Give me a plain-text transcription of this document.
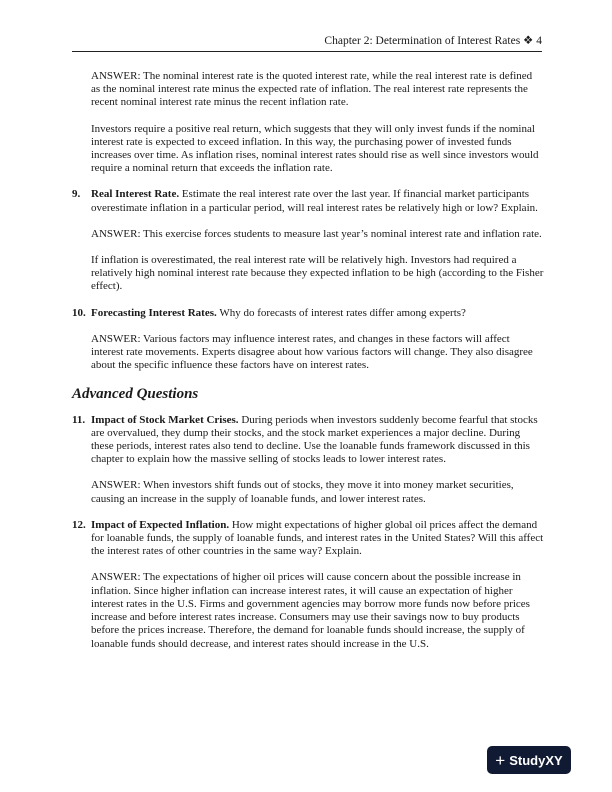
Chapter 2: Determination of Interest Rates ❖ 4

ANSWER: The nominal interest rate is the quoted interest rate, while the real interest rate is defined as the nominal interest rate minus the expected rate of inflation. The real interest rate represents the recent nominal interest rate minus the recent inflation rate.

Investors require a positive real return, which suggests that they will only invest funds if the nominal interest rate is expected to exceed inflation. In this way, the purchasing power of invested funds increases over time. As inflation rises, nominal interest rates should rise as well since investors would require a nominal return that exceeds the inflation rate.

9. Real Interest Rate. Estimate the real interest rate over the last year. If financial market participants overestimate inflation in a particular period, will real interest rates be relatively high or low? Explain.

ANSWER: This exercise forces students to measure last year’s nominal interest rate and inflation rate.

If inflation is overestimated, the real interest rate will be relatively high. Investors had required a relatively high nominal interest rate because they expected inflation to be high (according to the Fisher effect).

10. Forecasting Interest Rates. Why do forecasts of interest rates differ among experts?

ANSWER: Various factors may influence interest rates, and changes in these factors will affect interest rate movements. Experts disagree about how various factors will change. They also disagree about the specific influence these factors have on interest rates.

Advanced Questions
11. Impact of Stock Market Crises. During periods when investors suddenly become fearful that stocks are overvalued, they dump their stocks, and the stock market experiences a major decline. During these periods, interest rates also tend to decline. Use the loanable funds framework discussed in this chapter to explain how the massive selling of stocks leads to lower interest rates.

ANSWER: When investors shift funds out of stocks, they move it into money market securities, causing an increase in the supply of loanable funds, and lower interest rates.

12. Impact of Expected Inflation. How might expectations of higher global oil prices affect the demand for loanable funds, the supply of loanable funds, and interest rates in the United States? Will this affect the interest rates of other countries in the same way? Explain.

ANSWER: The expectations of higher oil prices will cause concern about the possible increase in inflation. Since higher inflation can increase interest rates, it will cause an expectation of higher interest rates in the U.S. Firms and government agencies may borrow more funds now before prices increase and before interest rates increase. Consumers may use their savings now to buy products before the prices increase. Therefore, the demand for loanable funds should increase, the supply of loanable funds should decrease, and interest rates should increase in the U.S.

+ StudyXY
